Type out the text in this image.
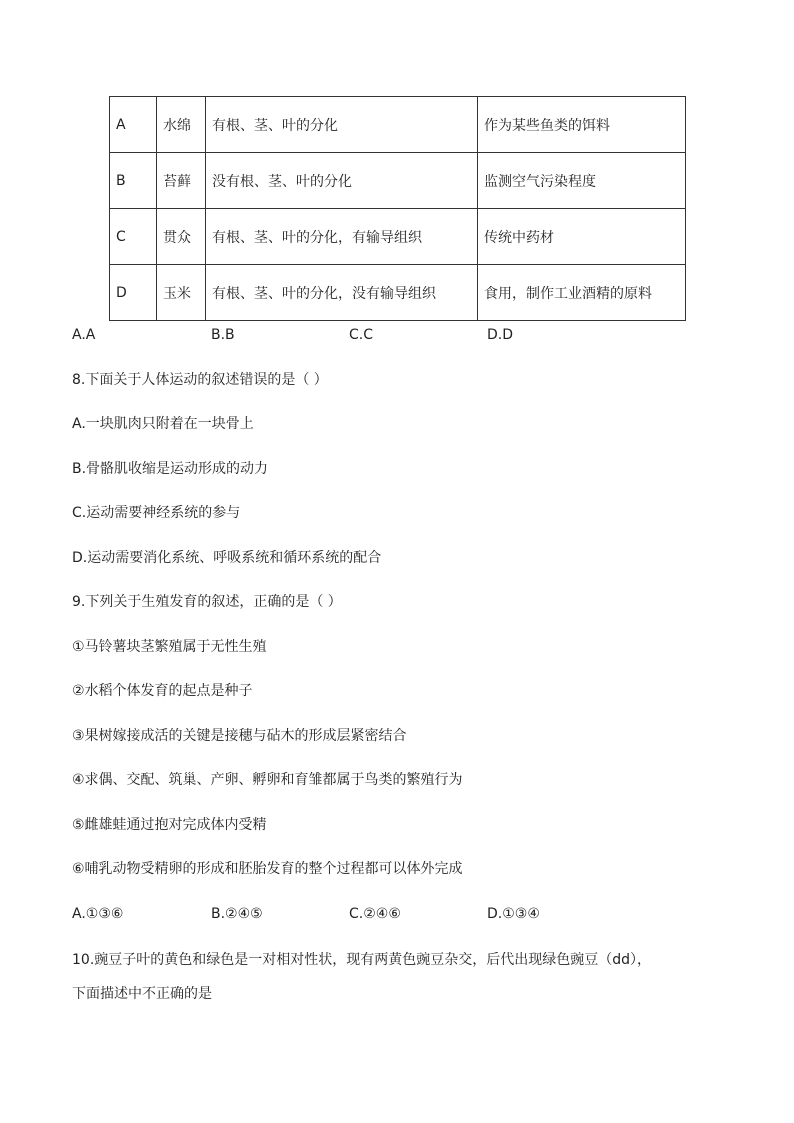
A	水绵	有根、茎、叶的分化	作为某些鱼类的饵料
B	苔藓	没有根、茎、叶的分化	监测空气污染程度
C	贯众	有根、茎、叶的分化，有输导组织	传统中药材
D	玉米	有根、茎、叶的分化，没有输导组织	食用，制作工业酒精的原料
A.A	B.B	C.C	D.D
8.下面关于人体运动的叙述错误的是（ ）
A.一块肌肉只附着在一块骨上
B.骨骼肌收缩是运动形成的动力
C.运动需要神经系统的参与
D.运动需要消化系统、呼吸系统和循环系统的配合
9.下列关于生殖发育的叙述，正确的是（ ）
①马铃薯块茎繁殖属于无性生殖
②水稻个体发育的起点是种子
③果树嫁接成活的关键是接穗与砧木的形成层紧密结合
④求偶、交配、筑巢、产卵、孵卵和育雏都属于鸟类的繁殖行为
⑤雌雄蛙通过抱对完成体内受精
⑥哺乳动物受精卵的形成和胚胎发育的整个过程都可以体外完成
A.①③⑥	B.②④⑤	C.②④⑥	D.①③④
10.豌豆子叶的黄色和绿色是一对相对性状，现有两黄色豌豆杂交，后代出现绿色豌豆（dd），
下面描述中不正确的是
